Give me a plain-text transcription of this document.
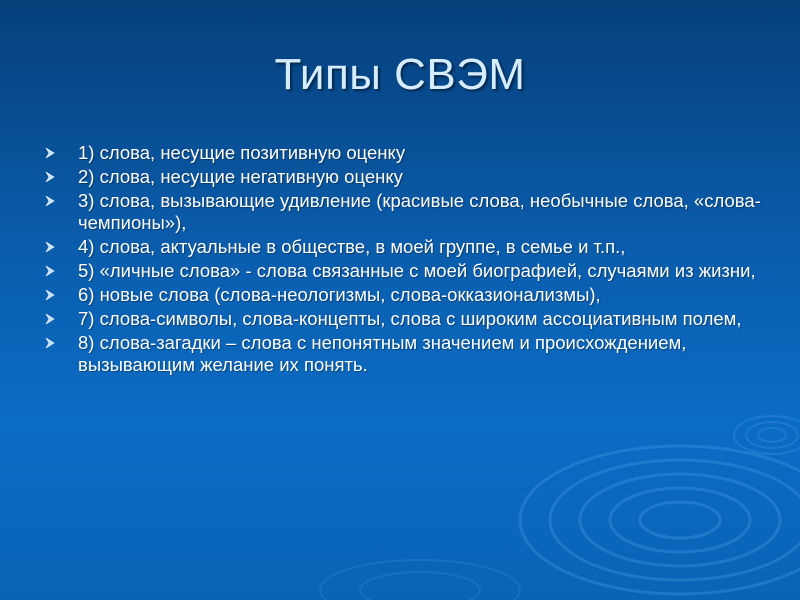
Типы СВЭМ
1) слова, несущие позитивную оценку
2) слова, несущие негативную оценку
3) слова, вызывающие удивление (красивые слова, необычные слова, «слова-чемпионы»),
4) слова, актуальные в обществе, в моей группе, в семье и т.п.,
5) «личные слова» - слова связанные с моей биографией, случаями из жизни,
6) новые слова (слова-неологизмы, слова-окказионализмы),
7) слова-символы, слова-концепты, слова с широким ассоциативным полем,
8) слова-загадки – слова с непонятным значением и происхождением, вызывающим желание их понять.
